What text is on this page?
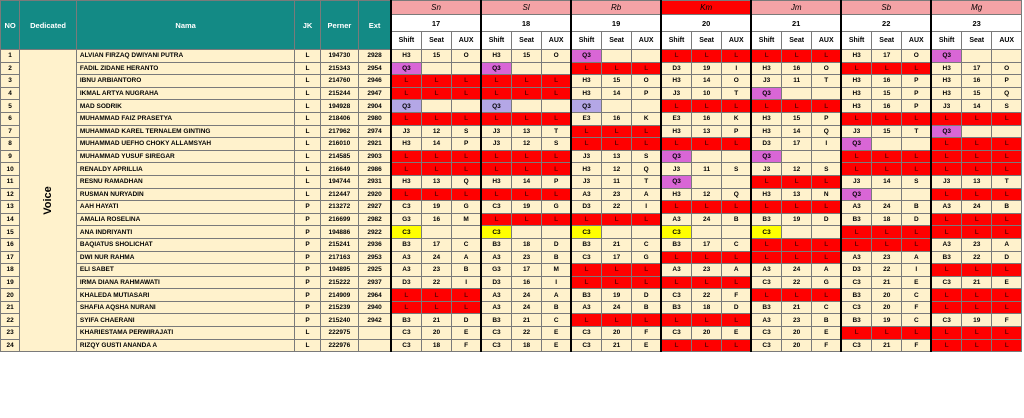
NO	Dedicated	Nama	JK	Perner	Ext	Sn			Sl			Rb			Km			Jm			Sb			Mg		
						17			18			19			20			21			22			23		
						Shift	Seat	AUX	Shift	Seat	AUX	Shift	Seat	AUX	Shift	Seat	AUX	Shift	Seat	AUX	Shift	Seat	AUX	Shift	Seat	AUX
1	Voice	ALVIAN FIRZAQ DWIYANI PUTRA	L	194730	2928	H3	15	O	H3	15	O	Q3			L	L	L	L	L	L	H3	17	O	Q3		
2		FADIL ZIDANE HERANTO	L	215343	2954	Q3			Q3			L	L	L	D3	19	I	H3	16	O	L	L	L	H3	17	O
3		IBNU ARBIANTORO	L	214760	2946	L	L	L	L	L	L	H3	15	O	H3	14	O	J3	11	T	H3	16	P	H3	16	P
4		IKMAL ARTYA NUGRAHA	L	215244	2947	L	L	L	L	L	L	H3	14	P	J3	10	T	Q3			H3	15	P	H3	15	Q
5		MAD SODRIK	L	194928	2904	Q3			Q3			Q3			L	L	L	L	L	L	H3	16	P	J3	14	S
6		MUHAMMAD FAIZ PRASETYA	L	218406	2980	L	L	L	L	L	L	E3	16	K	E3	16	K	H3	15	P	L	L	L	L	L	L
7		MUHAMMAD KAREL TERNALEM GINTING	L	217962	2974	J3	12	S	J3	13	T	L	L	L	H3	13	P	H3	14	Q	J3	15	T	Q3		
8		MUHAMMAD UEFHO CHOKY ALLAMSYAH	L	216010	2921	H3	14	P	J3	12	S	L	L	L	L	L	L	D3	17	I	Q3			L	L	L
9		MUHAMMAD YUSUF SIREGAR	L	214585	2903	L	L	L	L	L	L	J3	13	S	Q3			Q3			L	L	L	L	L	L
10		RENALDY APRILLIA	L	216649	2986	L	L	L	L	L	L	H3	12	Q	J3	11	S	J3	12	S	L	L	L	L	L	L
11		RESNU RAMADHAN	L	194744	2931	H3	13	Q	H3	14	P	J3	11	T	Q3			L	L	L	J3	14	S	J3	13	T
12		RUSMAN NURYADIN	L	212447	2920	L	L	L	L	L	L	A3	23	A	H3	12	Q	H3	13	N	Q3			L	L	L
13		AAH HAYATI	P	213272	2927	C3	19	G	C3	19	G	D3	22	I	L	L	L	L	L	L	A3	24	B	A3	24	B
14		AMALIA ROSELINA	P	216699	2982	G3	16	M	L	L	L	L	L	L	A3	24	B	B3	19	D	B3	18	D	L	L	L
15		ANA INDRIYANTI	P	194886	2922	C3			C3			C3			C3			C3			L	L	L	L	L	L
16		BAQIATUS SHOLICHAT	P	215241	2936	B3	17	C	B3	18	D	B3	21	C	B3	17	C	L	L	L	L	L	L	A3	23	A
17		DWI NUR RAHMA	P	217163	2953	A3	24	A	A3	23	B	C3	17	G	L	L	L	L	L	L	A3	23	A	B3	22	D
18		ELI SABET	P	194895	2925	A3	23	B	G3	17	M	L	L	L	A3	23	A	A3	24	A	D3	22	I	L	L	L
19		IRMA DIANA RAHMAWATI	P	215222	2937	D3	22	I	D3	16	I	L	L	L	L	L	L	C3	22	G	C3	21	E	C3	21	E
20		KHALEDA MUTIASARI	P	214909	2964	L	L	L	A3	24	A	B3	19	D	C3	22	F	L	L	L	B3	20	C	L	L	L
21		SHAFIA AQSHA NURANI	P	215239	2940	L	L	L	A3	24	B	A3	24	B	B3	18	D	B3	21	C	C3	20	F	L	L	L
22		SYIFA CHAERANI	P	215240	2942	B3	21	D	B3	21	C	L	L	L	L	L	L	A3	23	B	B3	19	C	C3	19	F
23		KHARIESTAMA PERWIRAJATI	L	222975		C3	20	E	C3	22	E	C3	20	F	C3	20	E	C3	20	E	L	L	L	L	L	L
24		RIZQY GUSTI ANANDA A	L	222976		C3	18	F	C3	18	E	C3	21	E	L	L	L	C3	20	F	C3	21	F	L	L	L
